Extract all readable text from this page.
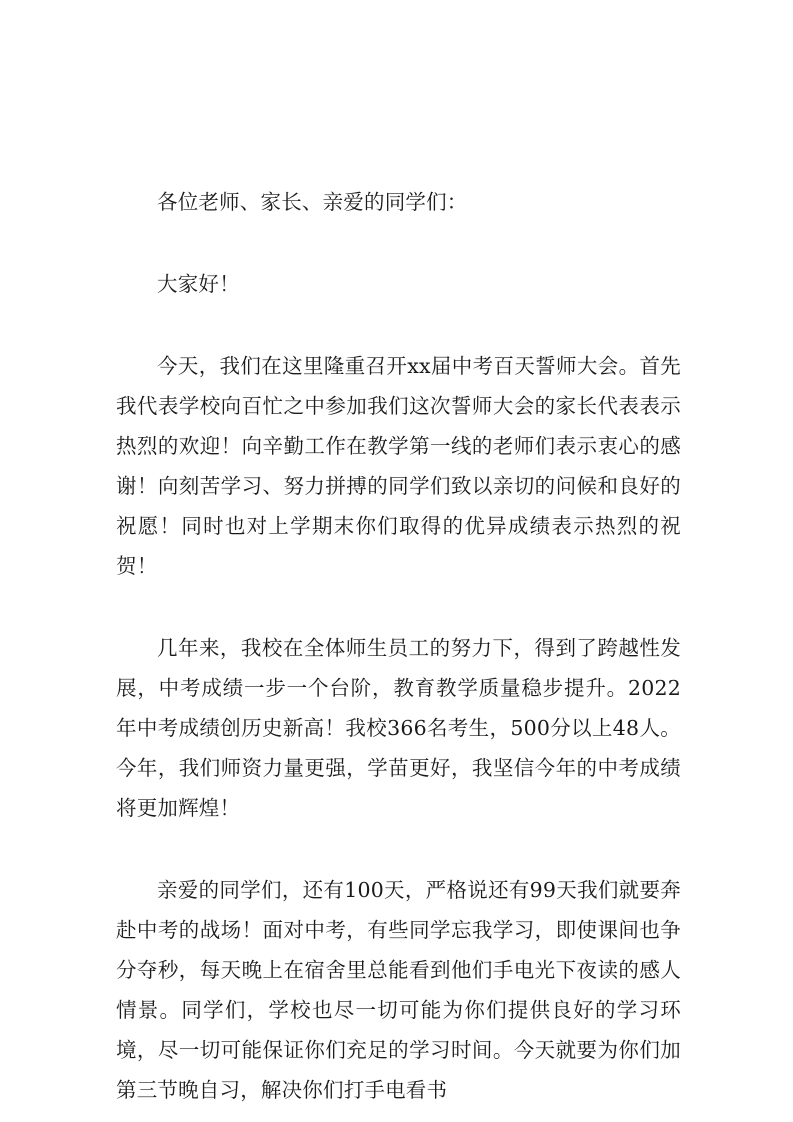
各位老师、家长、亲爱的同学们：

大家好！

今天，我们在这里隆重召开xx届中考百天誓师大会。首先我代表学校向百忙之中参加我们这次誓师大会的家长代表表示热烈的欢迎！向辛勤工作在教学第一线的老师们表示衷心的感谢！向刻苦学习、努力拼搏的同学们致以亲切的问候和良好的祝愿！同时也对上学期末你们取得的优异成绩表示热烈的祝贺！

几年来，我校在全体师生员工的努力下，得到了跨越性发展，中考成绩一步一个台阶，教育教学质量稳步提升。2022年中考成绩创历史新高！我校366名考生，500分以上48人。今年，我们师资力量更强，学苗更好，我坚信今年的中考成绩将更加辉煌！

亲爱的同学们，还有100天，严格说还有99天我们就要奔赴中考的战场！面对中考，有些同学忘我学习，即使课间也争分夺秒，每天晚上在宿舍里总能看到他们手电光下夜读的感人情景。同学们，学校也尽一切可能为你们提供良好的学习环境，尽一切可能保证你们充足的学习时间。今天就要为你们加第三节晚自习，解决你们打手电看书
